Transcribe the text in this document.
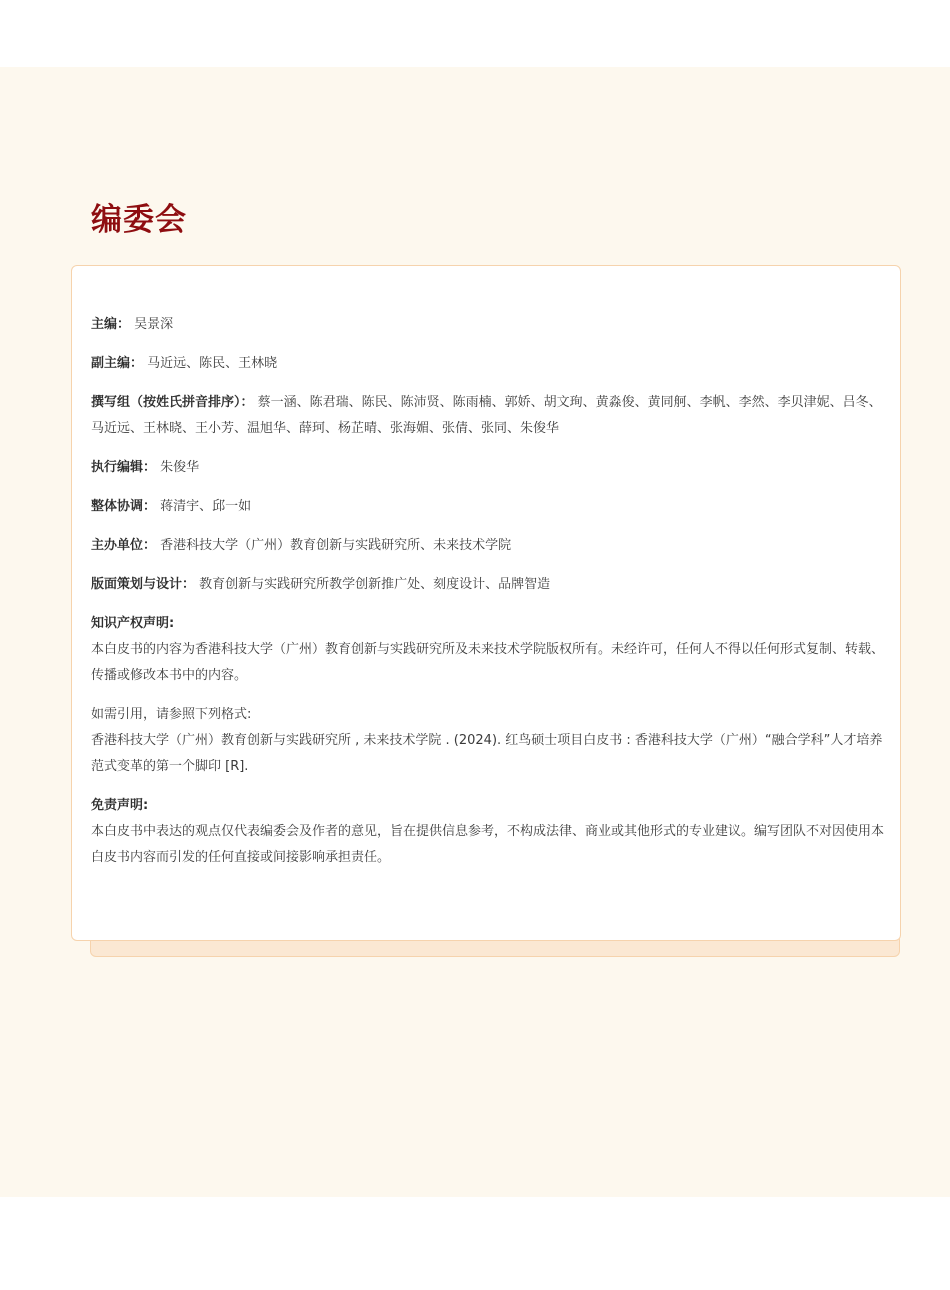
编委会

主编： 吴景深

副主编： 马近远、陈民、王林晓

撰写组（按姓氏拼音排序）： 蔡一涵、陈君瑞、陈民、陈沛贤、陈雨楠、郭娇、胡文珣、黄淼俊、黄同舸、李帆、李然、李贝津妮、吕冬、马近远、王林晓、王小芳、温旭华、薛珂、杨芷晴、张海媚、张倩、张同、朱俊华

执行编辑： 朱俊华

整体协调： 蒋清宇、邱一如

主办单位： 香港科技大学（广州）教育创新与实践研究所、未来技术学院

版面策划与设计： 教育创新与实践研究所教学创新推广处、刻度设计、品牌智造

知识产权声明:
本白皮书的内容为香港科技大学（广州）教育创新与实践研究所及未来技术学院版权所有。未经许可，任何人不得以任何形式复制、转载、传播或修改本书中的内容。

如需引用，请参照下列格式:
香港科技大学（广州）教育创新与实践研究所 , 未来技术学院 . (2024). 红鸟硕士项目白皮书 : 香港科技大学（广州）“融合学科”人才培养范式变革的第一个脚印 [R].

免责声明:
本白皮书中表达的观点仅代表编委会及作者的意见，旨在提供信息参考，不构成法律、商业或其他形式的专业建议。编写团队不对因使用本白皮书内容而引发的任何直接或间接影响承担责任。
